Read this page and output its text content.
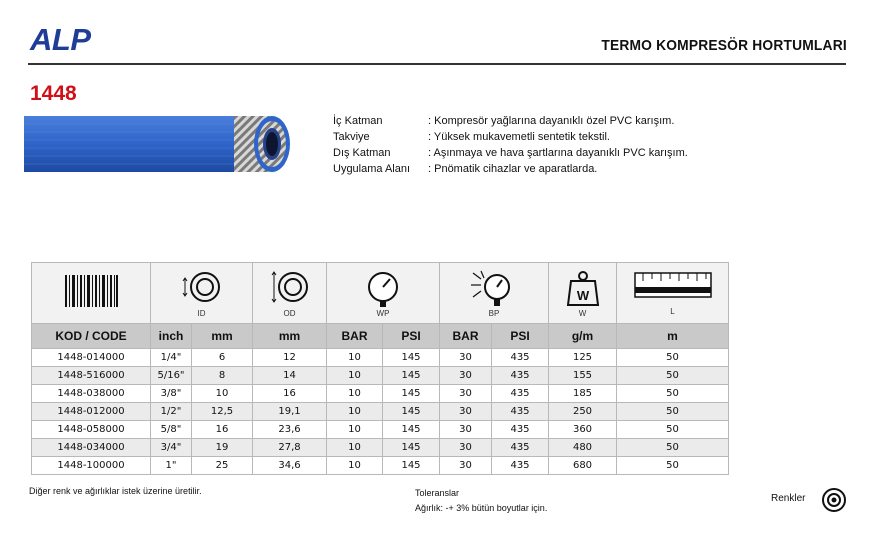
ALP	TERMO KOMPRESÖR HORTUMLARI
1448
İç Katman	: Kompresör yağlarına dayanıklı özel PVC karışım.
Takviye	: Yüksek mukavemetli sentetik tekstil.
Dış Katman	: Aşınmaya ve hava şartlarına dayanıklı PVC karışım.
Uygulama Alanı	: Pnömatik cihazlar ve aparatlarda.

ID		OD	WP		BP		W
W	L

KOD / CODE	inch	mm	mm	BAR	PSI	BAR	PSI	g/m	m
1448-014000	1/4"	6	12	10	145	30	435	125	50
1448-516000	5/16"	8	14	10	145	30	435	155	50
1448-038000	3/8"	10	16	10	145	30	435	185	50
1448-012000	1/2"	12,5	19,1	10	145	30	435	250	50
1448-058000	5/8"	16	23,6	10	145	30	435	360	50
1448-034000	3/4"	19	27,8	10	145	30	435	480	50
1448-100000	1"	25	34,6	10	145	30	435	680	50
Diğer renk ve ağırlıklar istek üzerine üretilir.	Toleranslar
Ağırlık: -+ 3% bütün boyutlar için.
Renkler
